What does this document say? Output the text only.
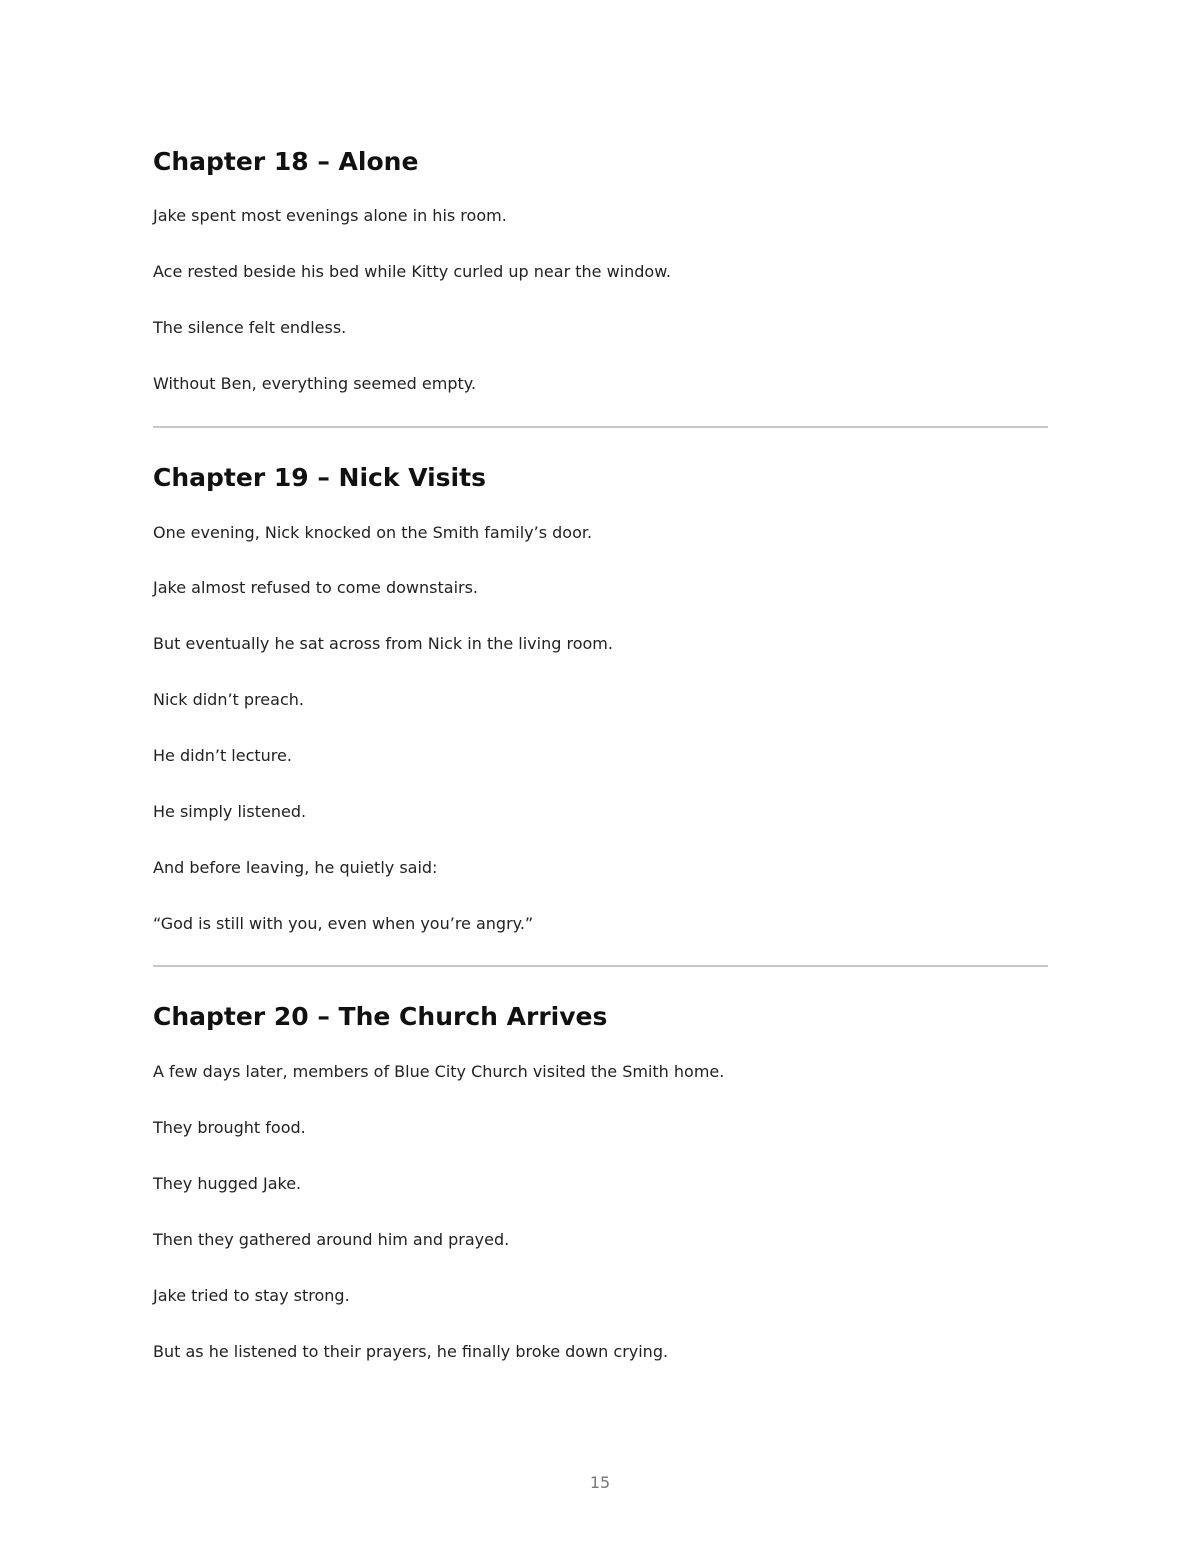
Chapter 18 – Alone

Jake spent most evenings alone in his room.

Ace rested beside his bed while Kitty curled up near the window.

The silence felt endless.

Without Ben, everything seemed empty.

Chapter 19 – Nick Visits

One evening, Nick knocked on the Smith family’s door.

Jake almost refused to come downstairs.

But eventually he sat across from Nick in the living room.

Nick didn’t preach.

He didn’t lecture.

He simply listened.

And before leaving, he quietly said:

“God is still with you, even when you’re angry.”

Chapter 20 – The Church Arrives

A few days later, members of Blue City Church visited the Smith home.

They brought food.

They hugged Jake.

Then they gathered around him and prayed.

Jake tried to stay strong.

But as he listened to their prayers, he finally broke down crying.

15
